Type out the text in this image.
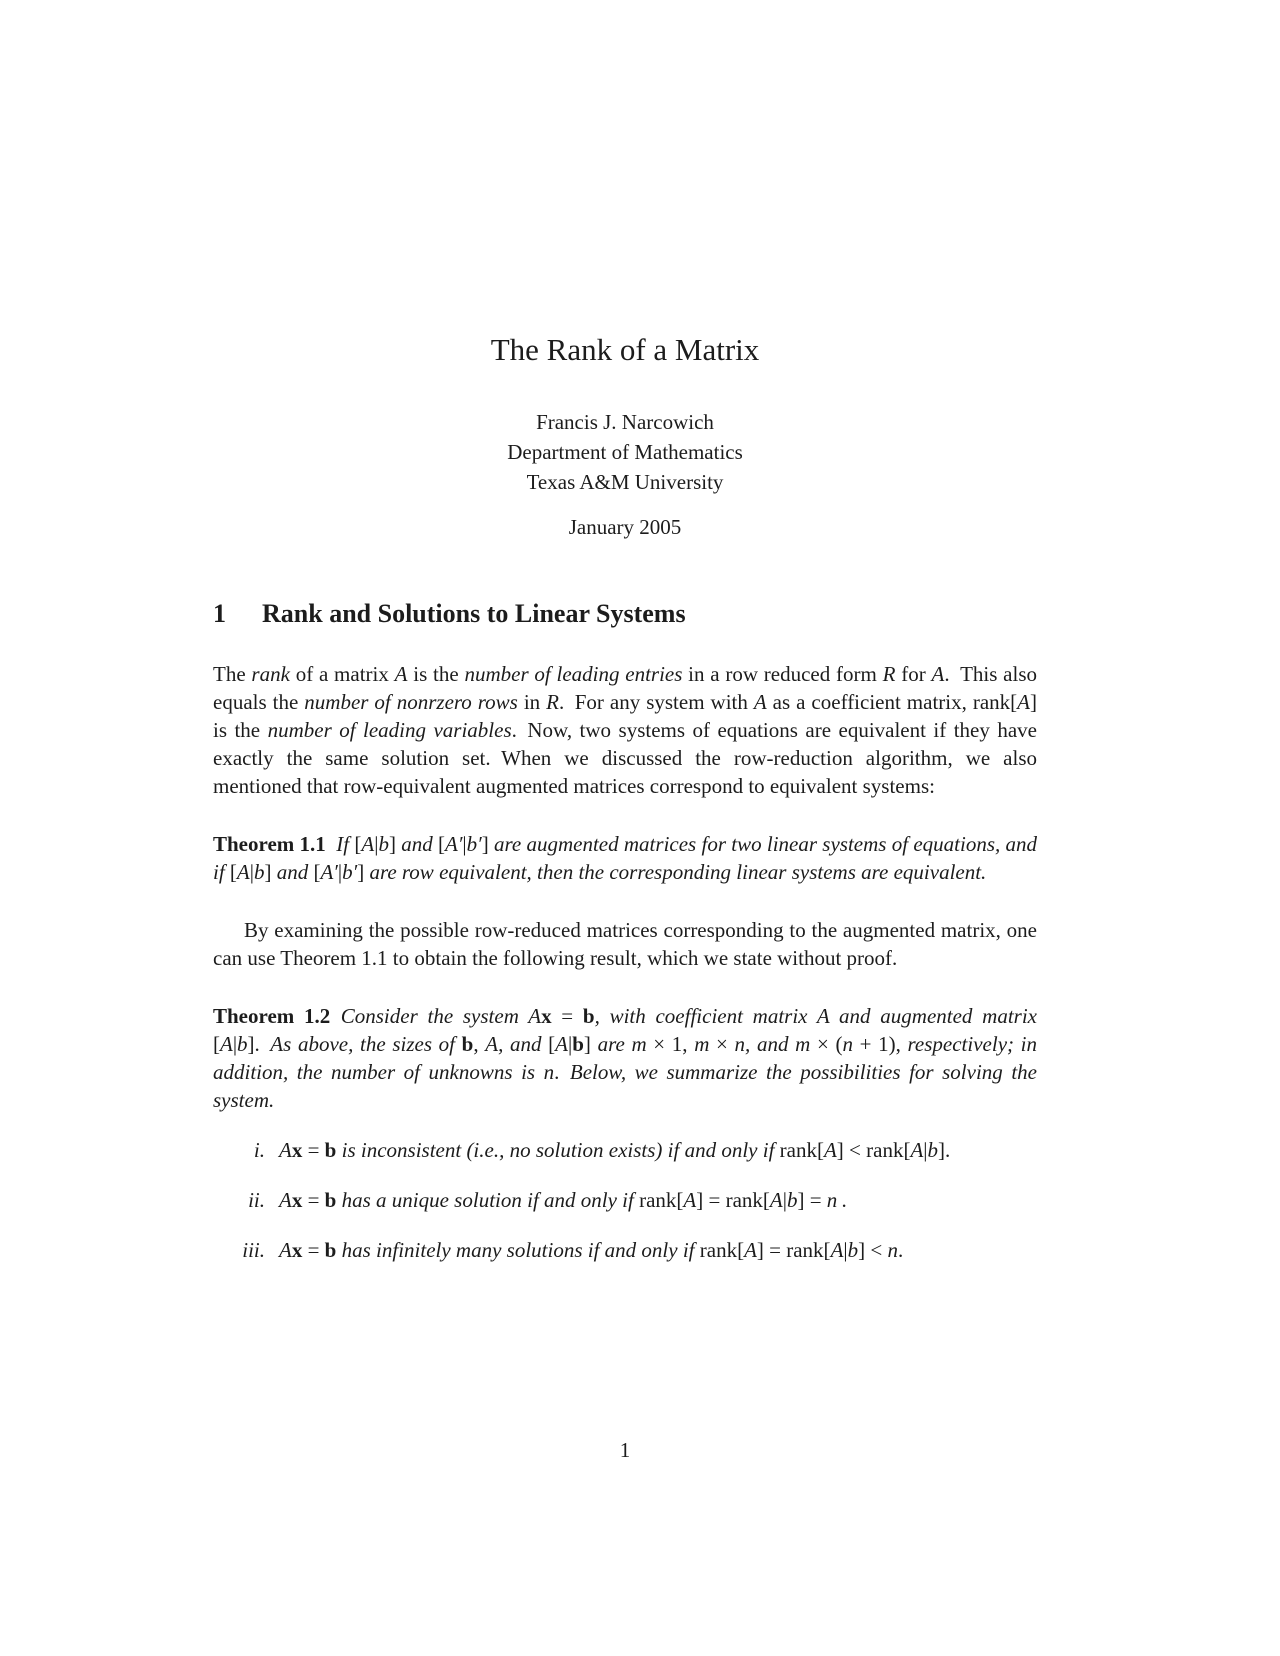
The Rank of a Matrix
Francis J. Narcowich
Department of Mathematics
Texas A&M University
January 2005
1 Rank and Solutions to Linear Systems

The rank of a matrix A is the number of leading entries in a row reduced form R for A. This also equals the number of nonrzero rows in R. For any system with A as a coefficient matrix, rank[A] is the number of leading variables. Now, two systems of equations are equivalent if they have exactly the same solution set. When we discussed the row-reduction algorithm, we also mentioned that row-equivalent augmented matrices correspond to equivalent systems:

Theorem 1.1  If [A|b] and [A′|b′] are augmented matrices for two linear systems of equations, and if [A|b] and [A′|b′] are row equivalent, then the corresponding linear systems are equivalent.

By examining the possible row-reduced matrices corresponding to the augmented matrix, one can use Theorem 1.1 to obtain the following result, which we state without proof.

Theorem 1.2  Consider the system Ax = b, with coefficient matrix A and augmented matrix [A|b]. As above, the sizes of b, A, and [A|b] are m × 1, m × n, and m × (n + 1), respectively; in addition, the number of unknowns is n. Below, we summarize the possibilities for solving the system.

i. Ax = b is inconsistent (i.e., no solution exists) if and only if rank[A] < rank[A|b].
ii. Ax = b has a unique solution if and only if rank[A] = rank[A|b] = n .
iii. Ax = b has infinitely many solutions if and only if rank[A] = rank[A|b] < n.
1
